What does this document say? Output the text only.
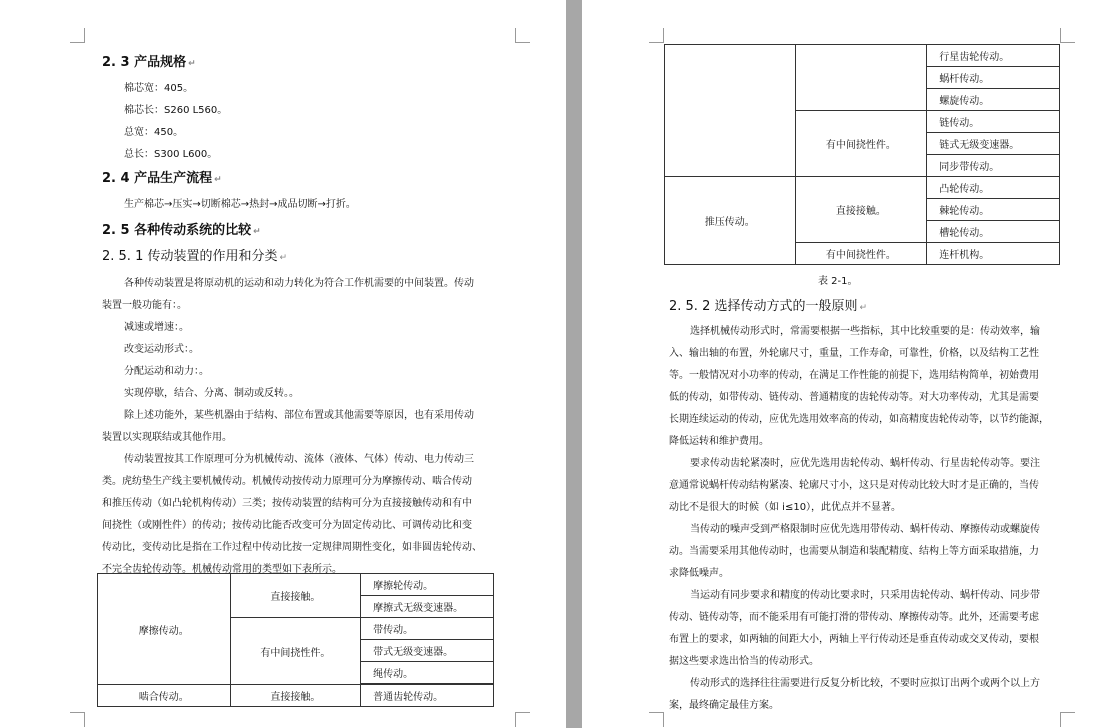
2. 3 产品规格 ↵
棉芯宽：405。
棉芯长：S260 L560。
总宽：450。
总长：S300 L600。
2. 4 产品生产流程 ↵
生产棉芯→压实→切断棉芯→热封→成品切断→打折。
2. 5 各种传动系统的比较 ↵
2. 5. 1 传动装置的作用和分类 ↵
各种传动装置是将原动机的运动和动力转化为符合工作机需要的中间装置。传动
装置一般功能有：。
减速或增速：。
改变运动形式：。
分配运动和动力：。
实现停歇，结合、分离、制动或反转。。
除上述功能外，某些机器由于结构、部位布置或其他需要等原因，也有采用传动
装置以实现联结或其他作用。
传动装置按其工作原理可分为机械传动、流体（液体、气体）传动、电力传动三
类。虎纺垫生产线主要机械传动。机械传动按传动力原理可分为摩擦传动、啮合传动
和推压传动（如凸轮机构传动）三类；按传动装置的结构可分为直接接触传动和有中
间挠性（或刚性件）的传动；按传动比能否改变可分为固定传动比、可调传动比和变
传动比，变传动比是指在工作过程中传动比按一定规律周期性变化，如非圆齿轮传动、
不完全齿轮传动等。机械传动常用的类型如下表所示。
摩擦传动。	直接接触。	摩擦轮传动。
		摩擦式无级变速器。
	有中间挠性件。	带传动。
		带式无级变速器。
		绳传动。

啮合传动。	直接接触。	普通齿轮传动。
		行星齿轮传动。
		蜗杆传动。
		螺旋传动。
	有中间挠性件。	链传动。
		链式无级变速器。
		同步带传动。
推压传动。	直接接触。	凸轮传动。
		棘轮传动。
		槽轮传动。
	有中间挠性件。	连杆机构。
表 2-1。
2. 5. 2 选择传动方式的一般原则 ↵
选择机械传动形式时，常需要根据一些指标，其中比较重要的是：传动效率，输
入、输出轴的布置，外轮廓尺寸，重量，工作寿命，可靠性，价格，以及结构工艺性
等。一般情况对小功率的传动，在满足工作性能的前提下，选用结构简单，初始费用
低的传动，如带传动、链传动、普通精度的齿轮传动等。对大功率传动，尤其是需要
长期连续运动的传动，应优先选用效率高的传动，如高精度齿轮传动等，以节约能源，
降低运转和维护费用。
要求传动齿轮紧凑时，应优先选用齿轮传动、蜗杆传动、行星齿轮传动等。要注
意通常说蜗杆传动结构紧凑、轮廓尺寸小，这只是对传动比较大时才是正确的，当传
动比不是很大的时候（如 i≤10），此优点并不显著。
当传动的噪声受到严格限制时应优先选用带传动、蜗杆传动、摩擦传动或螺旋传
动。当需要采用其他传动时，也需要从制造和装配精度、结构上等方面采取措施，力
求降低噪声。
当运动有同步要求和精度的传动比要求时，只采用齿轮传动、蜗杆传动、同步带
传动、链传动等，而不能采用有可能打滑的带传动、摩擦传动等。此外，还需要考虑
布置上的要求，如两轴的间距大小，两轴上平行传动还是垂直传动或交叉传动，要根
据这些要求选出恰当的传动形式。
传动形式的选择往往需要进行反复分析比较，不要时应拟订出两个或两个以上方
案，最终确定最佳方案。
